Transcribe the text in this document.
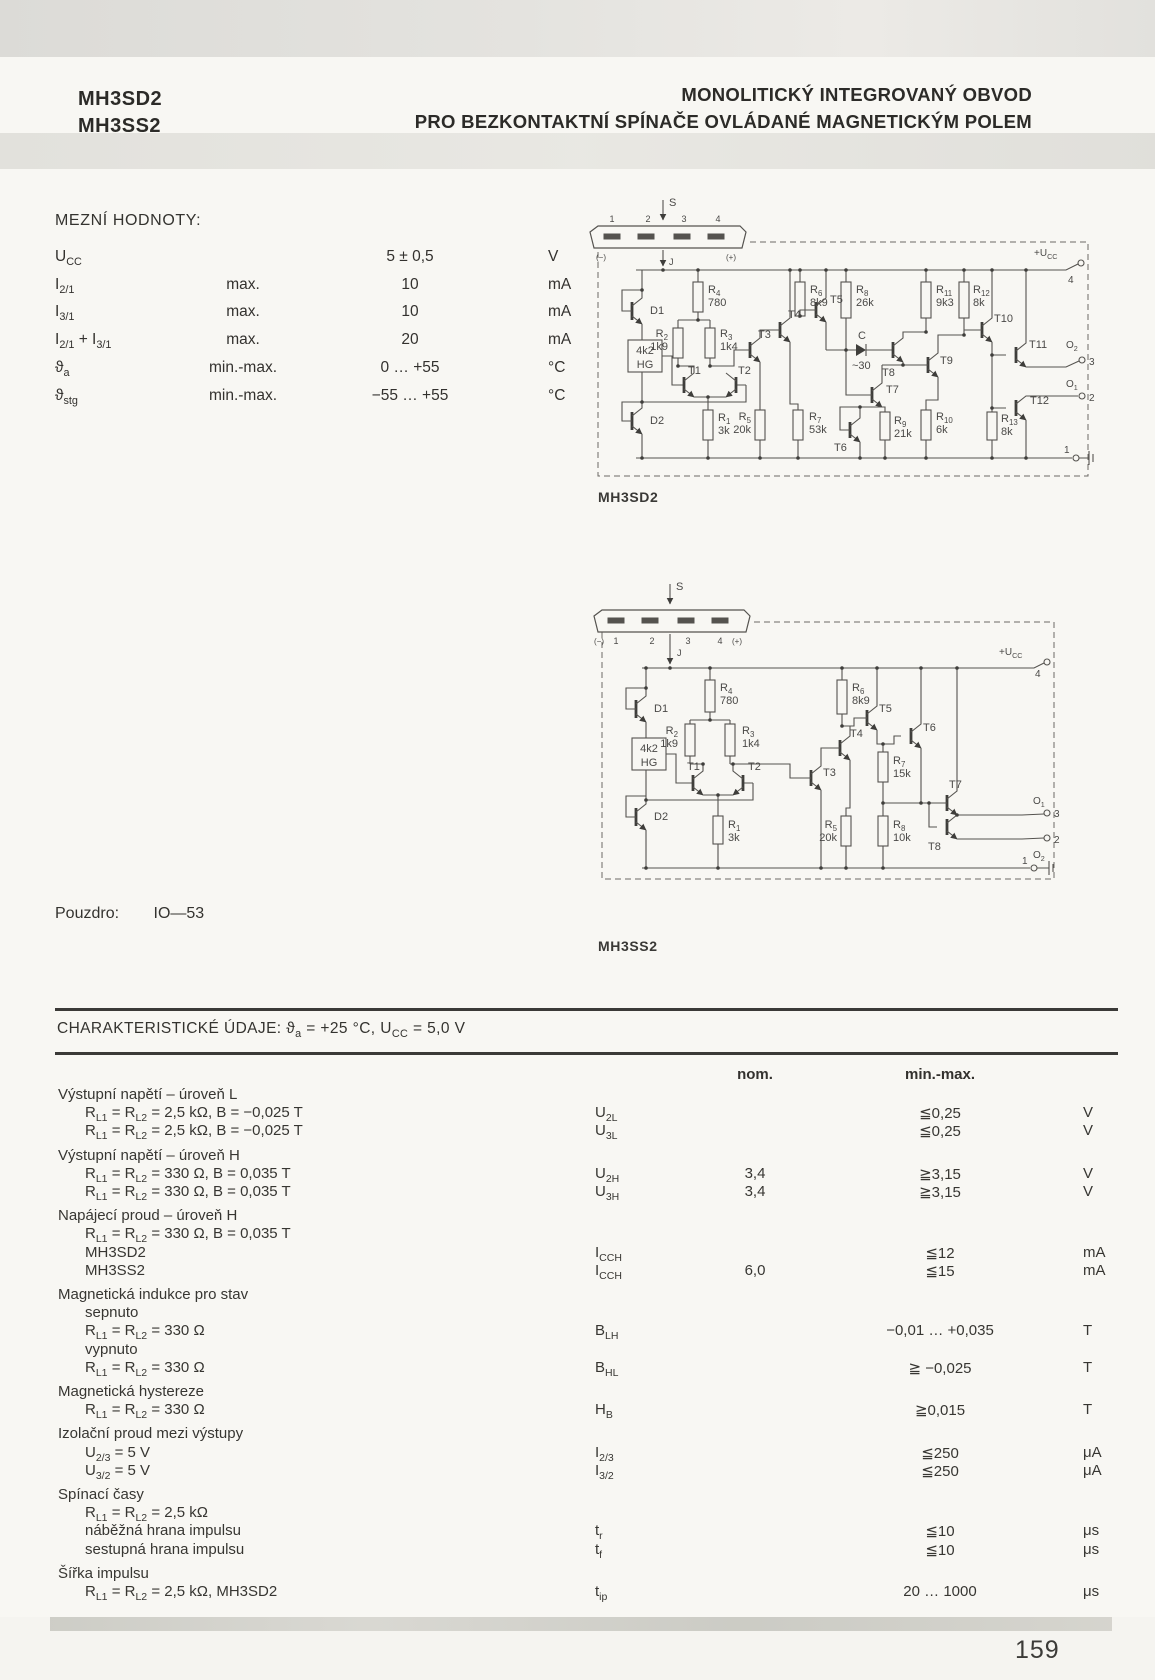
MH3SD2
MH3SS2
MONOLITICKÝ INTEGROVANÝ OBVOD
PRO BEZKONTAKTNÍ SPÍNAČE OVLÁDANÉ MAGNETICKÝM POLEM
MEZNÍ HODNOTY:
$U_{CC}$	5 ± 0,5	V
$I_{2/1}$	max.	10	mA
$I_{3/1}$	max.	10	mA
$I_{2/1} + I_{3/1}$	max.	20	mA
$ϑ_a$	min.-max.	0 … +55	°C
$ϑ_{stg}$	min.-max.	−55 … +55	°C
S
1	2	3	4
(−)	(+)
J
$R_4$
780
$R_2$
1k9
$R_3$
1k4
D1
D2
4k2
HG	T1	T2
$R_1$
3k
T3
T4
$R_5$
20k
$R_7$
53k
$R_6$
8k9 T5
$R_8$
26k
C
~30
T8
T7
T6
$R_9$
21k
$R_{10}$
6k
$R_{11}$
9k3
$R_{12}$
8k
T9
T10
T11
T12
$R_{13}$
8k
$O_2$
3
$O_1$
2
4
$+U_{CC}$
1
MH3SD2
S
1	2	3	4
(−)	(+)
J
$R_4$
780
$R_2$
1k9
$R_3$
1k4
D1
D2
4k2
HG	T1	T2
$R_1$
3k
T3
T4
$R_6$
8k9
T5
T6
$R_7$
15k
$R_5$
20k
$R_8$
10k
T7
T8
$O_1$
3
2
$O_2$
4
$+U_{CC}$
1
MH3SS2
Pouzdro: IO—53
CHARAKTERISTICKÉ ÚDAJE: $ϑ_a = +25$ °C, $U_{CC} = 5,0$ V
nom.	min.-max.
Výstupní napětí – úroveň L
$R_{L1} = R_{L2} = 2,5$ kΩ, B = −0,025 T	$U_{2L}$	≦0,25	V
$R_{L1} = R_{L2} = 2,5$ kΩ, B = −0,025 T	$U_{3L}$	≦0,25	V
Výstupní napětí – úroveň H
$R_{L1} = R_{L2} = 330$ Ω, B = 0,035 T	$U_{2H}$	3,4	≧3,15	V
$R_{L1} = R_{L2} = 330$ Ω, B = 0,035 T	$U_{3H}$	3,4	≧3,15	V
Napájecí proud – úroveň H
$R_{L1} = R_{L2} = 330$ Ω, B = 0,035 T
MH3SD2	$I_{CCH}$	≦12	mA
MH3SS2	$I_{CCH}$	6,0	≦15	mA
Magnetická indukce pro stav
sepnuto
$R_{L1} = R_{L2} = 330$ Ω	$B_{LH}$	−0,01 … +0,035	T
vypnuto
$R_{L1} = R_{L2} = 330$ Ω	$B_{HL}$	≧ −0,025	T
Magnetická hystereze
$R_{L1} = R_{L2} = 330$ Ω	$H_B$	≧0,015	T
Izolační proud mezi výstupy
$U_{2/3} = 5$ V	$I_{2/3}$	≦250	μA
$U_{3/2} = 5$ V	$I_{3/2}$	≦250	μA
Spínací časy
$R_{L1} = R_{L2} = 2,5$ kΩ
náběžná hrana impulsu	$t_r$	≦10	μs
sestupná hrana impulsu	$t_f$	≦10	μs
Šířka impulsu
$R_{L1} = R_{L2} = 2,5$ kΩ, MH3SD2	$t_{ip}$	20 … 1000	μs
159
